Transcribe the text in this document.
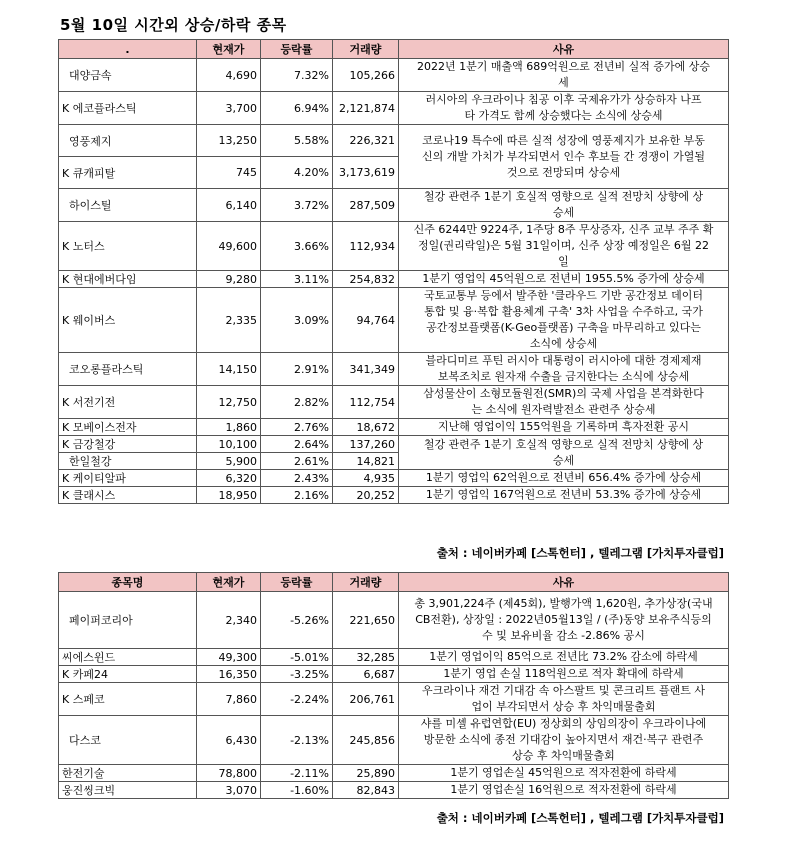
5월 10일 시간외 상승/하락 종목
.	현재가	등락률	거래량	사유
대양금속	4,690	7.32%	105,266	2022년 1분기 매출액 689억원으로 전년비 실적 증가에 상승
세
K 에코플라스틱	3,700	6.94%	2,121,874	러시아의 우크라이나 침공 이후 국제유가가 상승하자 나프
타 가격도 함께 상승했다는 소식에 상승세
영풍제지	13,250	5.58%	226,321	코로나19 특수에 따른 실적 성장에 영풍제지가 보유한 부동
신의 개발 가치가 부각되면서 인수 후보들 간 경쟁이 가열될
것으로 전망되며 상승세
K 큐캐피탈	745	4.20%	3,173,619	
하이스틸	6,140	3.72%	287,509	철강 관련주 1분기 호실적 영향으로 실적 전망치 상향에 상
승세
K 노터스	49,600	3.66%	112,934	신주 6244만 9224주, 1주당 8주 무상증자, 신주 교부 주주 확
정일(권리락일)은 5월 31일이며, 신주 상장 예정일은 6월 22
일
K 현대에버다임	9,280	3.11%	254,832	1분기 영업익 45억원으로 전년비 1955.5% 증가에 상승세
K 웨이버스	2,335	3.09%	94,764	국토교통부 등에서 발주한 '클라우드 기반 공간정보 데이터
통합 및 융·복합 활용체계 구축' 3차 사업을 수주하고, 국가
공간정보플랫폼(K-Geo플랫폼) 구축을 마무리하고 있다는
소식에 상승세
코오롱플라스틱	14,150	2.91%	341,349	블라디미르 푸틴 러시아 대통령이 러시아에 대한 경제제재
보복조치로 원자재 수출을 금지한다는 소식에 상승세
K 서전기전	12,750	2.82%	112,754	삼성물산이 소형모듈원전(SMR)의 국제 사업을 본격화한다
는 소식에 원자력발전소 관련주 상승세
K 모베이스전자	1,860	2.76%	18,672	지난해 영업이익 155억원을 기록하며 흑자전환 공시
K 금강철강	10,100	2.64%	137,260	철강 관련주 1분기 호실적 영향으로 실적 전망치 상향에 상
승세
한일철강	5,900	2.61%	14,821	
K 케이티알파	6,320	2.43%	4,935	1분기 영업익 62억원으로 전년비 656.4% 증가에 상승세
K 클래시스	18,950	2.16%	20,252	1분기 영업익 167억원으로 전년비 53.3% 증가에 상승세
출처 : 네이버카페 [스톡헌터] , 텔레그램 [가치투자클럽]
종목명	현재가	등락률	거래량	사유
페이퍼코리아	2,340	-5.26%	221,650	총 3,901,224주 (제45회), 발행가액 1,620원, 추가상장(국내
CB전환), 상장일 : 2022년05월13일 / (주)동양 보유주식등의
수 및 보유비율 감소 -2.86% 공시
씨에스윈드	49,300	-5.01%	32,285	1분기 영업이익 85억으로 전년比 73.2% 감소에 하락세
K 카페24	16,350	-3.25%	6,687	1분기 영업 손실 118억원으로 적자 확대에 하락세
K 스페코	7,860	-2.24%	206,761	우크라이나 재건 기대감 속 아스팔트 및 콘크리트 플랜트 사
업이 부각되면서 상승 후 차익매물출회
다스코	6,430	-2.13%	245,856	샤를 미셸 유럽연합(EU) 정상회의 상임의장이 우크라이나에
방문한 소식에 종전 기대감이 높아지면서 재건·복구 관련주
상승 후 차익매물출회
한전기술	78,800	-2.11%	25,890	1분기 영업손실 45억원으로 적자전환에 하락세
웅진씽크빅	3,070	-1.60%	82,843	1분기 영업손실 16억원으로 적자전환에 하락세
출처 : 네이버카페 [스톡헌터] , 텔레그램 [가치투자클럽]
